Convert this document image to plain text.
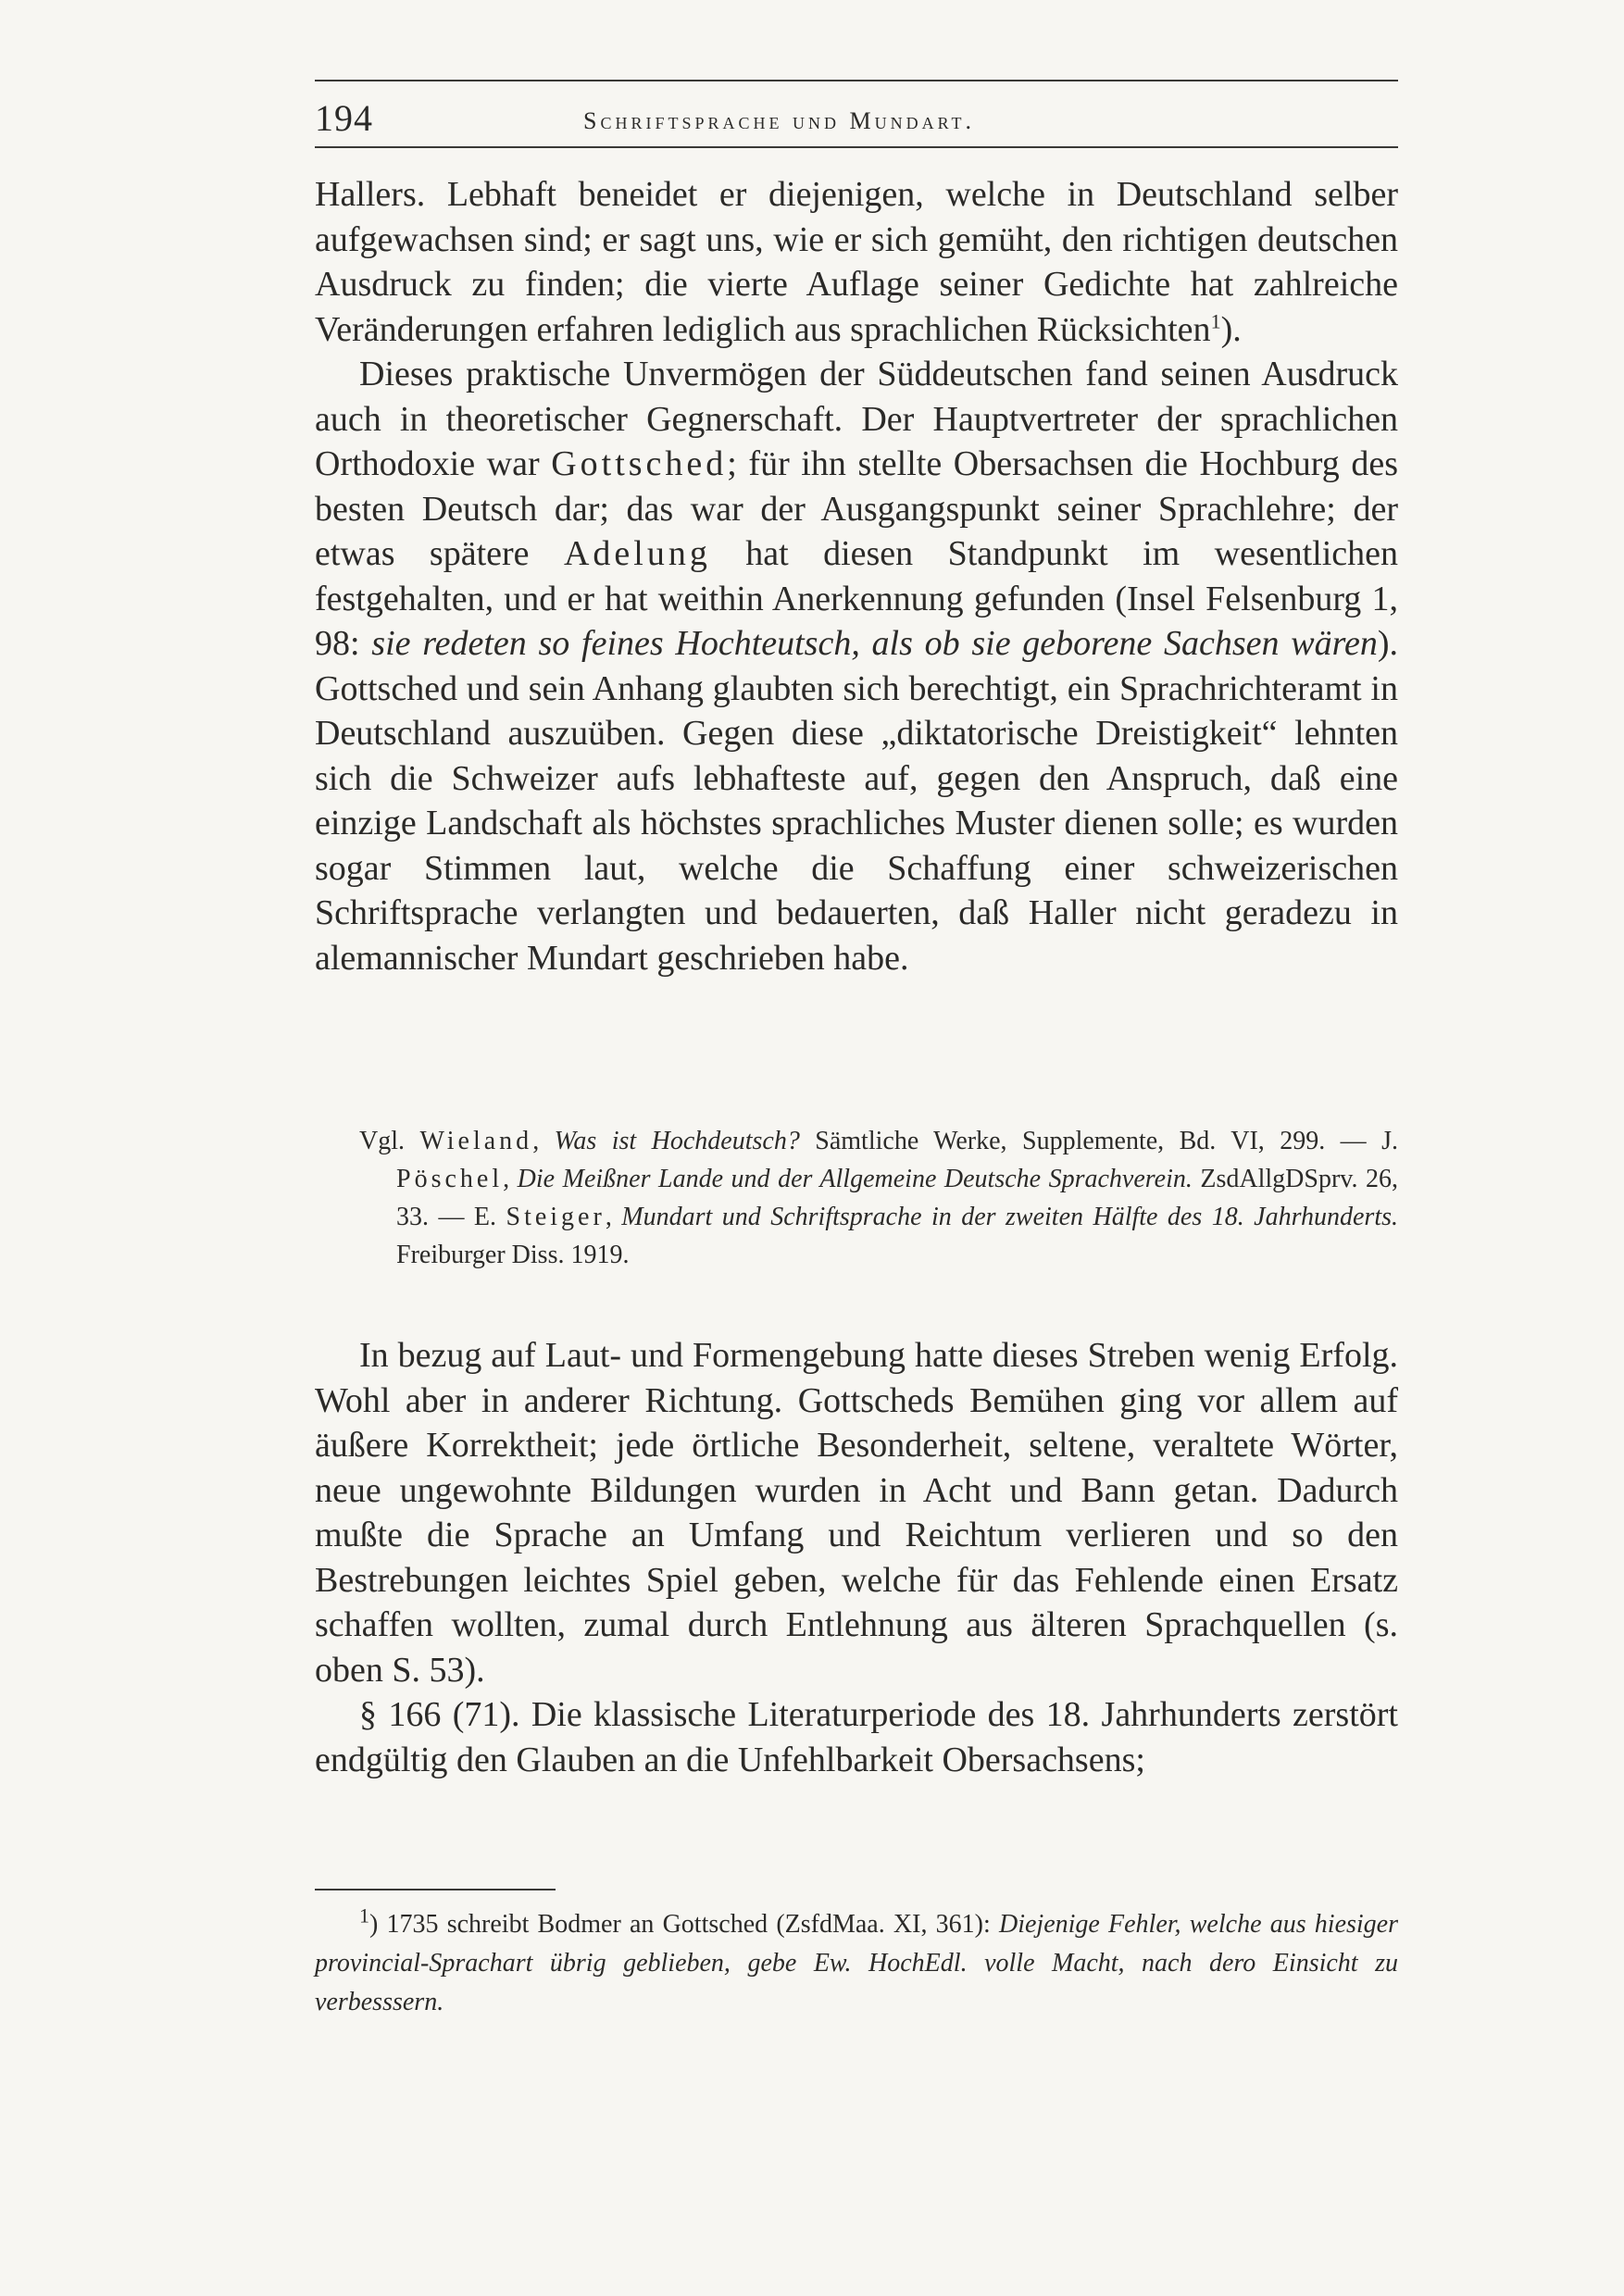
194	Schriftsprache und Mundart.

Hallers. Lebhaft beneidet er diejenigen, welche in Deutschland selber aufgewachsen sind; er sagt uns, wie er sich gemüht, den richtigen deutschen Ausdruck zu finden; die vierte Auflage seiner Gedichte hat zahlreiche Veränderungen erfahren lediglich aus sprachlichen Rücksichten$^1$).

Dieses praktische Unvermögen der Süddeutschen fand seinen Ausdruck auch in theoretischer Gegnerschaft. Der Hauptvertreter der sprachlichen Orthodoxie war Gottsched; für ihn stellte Obersachsen die Hochburg des besten Deutsch dar; das war der Ausgangspunkt seiner Sprachlehre; der etwas spätere Adelung hat diesen Standpunkt im wesentlichen festgehalten, und er hat weithin Anerkennung gefunden (Insel Felsenburg 1, 98: sie redeten so feines Hochteutsch, als ob sie geborene Sachsen wären). Gottsched und sein Anhang glaubten sich berechtigt, ein Sprachrichteramt in Deutschland auszuüben. Gegen diese „diktatorische Dreistigkeit“ lehnten sich die Schweizer aufs lebhafteste auf, gegen den Anspruch, daß eine einzige Landschaft als höchstes sprachliches Muster dienen solle; es wurden sogar Stimmen laut, welche die Schaffung einer schweizerischen Schriftsprache verlangten und bedauerten, daß Haller nicht geradezu in alemannischer Mundart geschrieben habe.

Vgl. Wieland, Was ist Hochdeutsch? Sämtliche Werke, Supplemente, Bd. VI, 299. — J. Pöschel, Die Meißner Lande und der Allgemeine Deutsche Sprachverein. ZsdAllgDSprv. 26, 33. — E. Steiger, Mundart und Schriftsprache in der zweiten Hälfte des 18. Jahrhunderts. Freiburger Diss. 1919.

In bezug auf Laut- und Formengebung hatte dieses Streben wenig Erfolg. Wohl aber in anderer Richtung. Gottscheds Bemühen ging vor allem auf äußere Korrektheit; jede örtliche Besonderheit, seltene, veraltete Wörter, neue ungewohnte Bildungen wurden in Acht und Bann getan. Dadurch mußte die Sprache an Umfang und Reichtum verlieren und so den Bestrebungen leichtes Spiel geben, welche für das Fehlende einen Ersatz schaffen wollten, zumal durch Entlehnung aus älteren Sprachquellen (s. oben S. 53).

§ 166 (71). Die klassische Literaturperiode des 18. Jahrhunderts zerstört endgültig den Glauben an die Unfehlbarkeit Obersachsens;

$^1$) 1735 schreibt Bodmer an Gottsched (ZsfdMaa. XI, 361): Diejenige Fehler, welche aus hiesiger provincial-Sprachart übrig geblieben, gebe Ew. HochEdl. volle Macht, nach dero Einsicht zu verbesssern.
